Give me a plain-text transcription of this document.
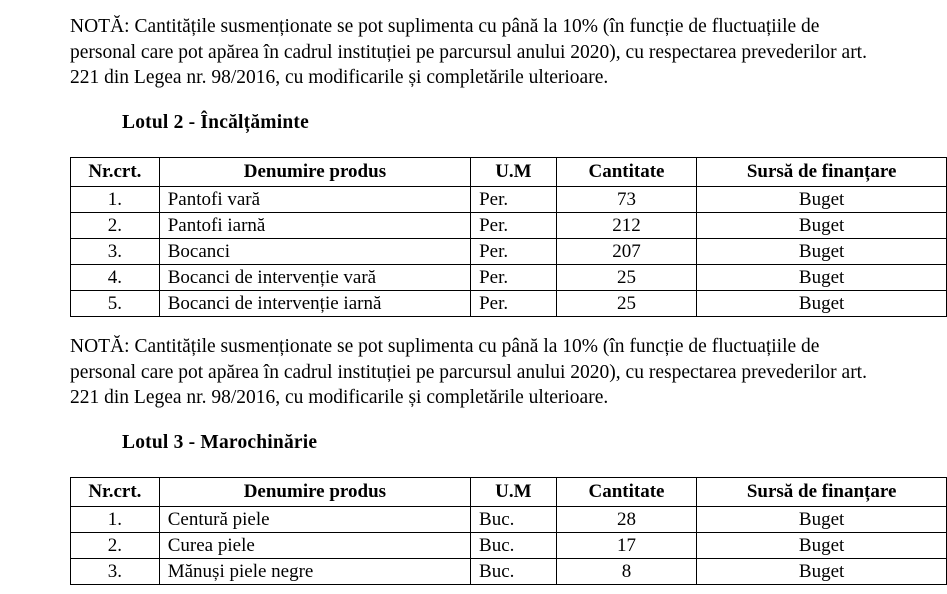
NOTĂ: Cantitățile susmenționate se pot suplimenta cu până la 10% (în funcție de fluctuațiile de

personal care pot apărea în cadrul instituției pe parcursul anului 2020), cu respectarea prevederilor art.

221 din Legea nr. 98/2016, cu modificarile și completările ulterioare.

Lotul 2 - Încălțăminte
Nr.crt.	Denumire produs	U.M	Cantitate	Sursă de finanțare
1.	Pantofi vară	Per.	73	Buget
2.	Pantofi iarnă	Per.	212	Buget
3.	Bocanci	Per.	207	Buget
4.	Bocanci de intervenție vară	Per.	25	Buget
5.	Bocanci de intervenție iarnă	Per.	25	Buget

NOTĂ: Cantitățile susmenționate se pot suplimenta cu până la 10% (în funcție de fluctuațiile de

personal care pot apărea în cadrul instituției pe parcursul anului 2020), cu respectarea prevederilor art.

221 din Legea nr. 98/2016, cu modificarile și completările ulterioare.

Lotul 3 - Marochinărie
Nr.crt.	Denumire produs	U.M	Cantitate	Sursă de finanțare
1.	Centură piele	Buc.	28	Buget
2.	Curea piele	Buc.	17	Buget
3.	Mănuși piele negre	Buc.	8	Buget
